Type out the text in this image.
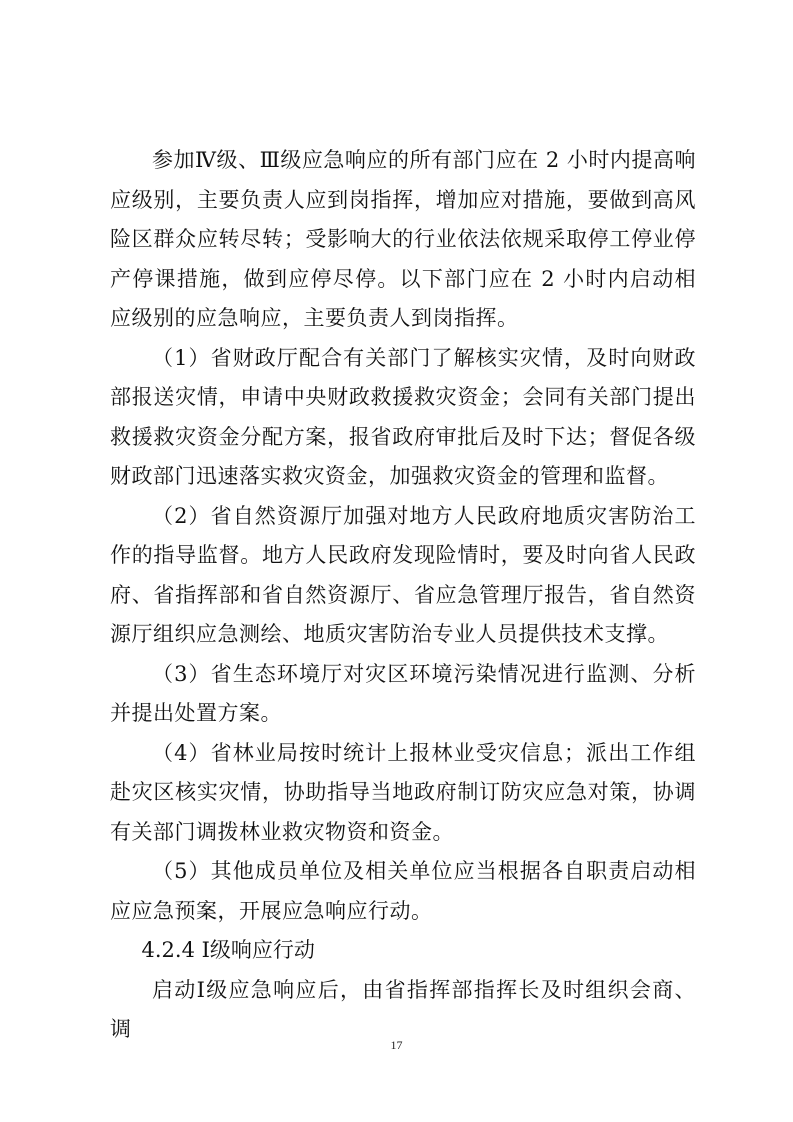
参加Ⅳ级、Ⅲ级应急响应的所有部门应在 2 小时内提高响应级别，主要负责人应到岗指挥，增加应对措施，要做到高风险区群众应转尽转；受影响大的行业依法依规采取停工停业停产停课措施，做到应停尽停。以下部门应在 2 小时内启动相应级别的应急响应，主要负责人到岗指挥。

（1）省财政厅配合有关部门了解核实灾情，及时向财政部报送灾情，申请中央财政救援救灾资金；会同有关部门提出救援救灾资金分配方案，报省政府审批后及时下达；督促各级财政部门迅速落实救灾资金，加强救灾资金的管理和监督。

（2）省自然资源厅加强对地方人民政府地质灾害防治工作的指导监督。地方人民政府发现险情时，要及时向省人民政府、省指挥部和省自然资源厅、省应急管理厅报告，省自然资源厅组织应急测绘、地质灾害防治专业人员提供技术支撑。

（3）省生态环境厅对灾区环境污染情况进行监测、分析并提出处置方案。

（4）省林业局按时统计上报林业受灾信息；派出工作组赴灾区核实灾情，协助指导当地政府制订防灾应急对策，协调有关部门调拨林业救灾物资和资金。

（5）其他成员单位及相关单位应当根据各自职责启动相应应急预案，开展应急响应行动。

4.2.4 Ⅰ级响应行动

启动Ⅰ级应急响应后，由省指挥部指挥长及时组织会商、调

17
